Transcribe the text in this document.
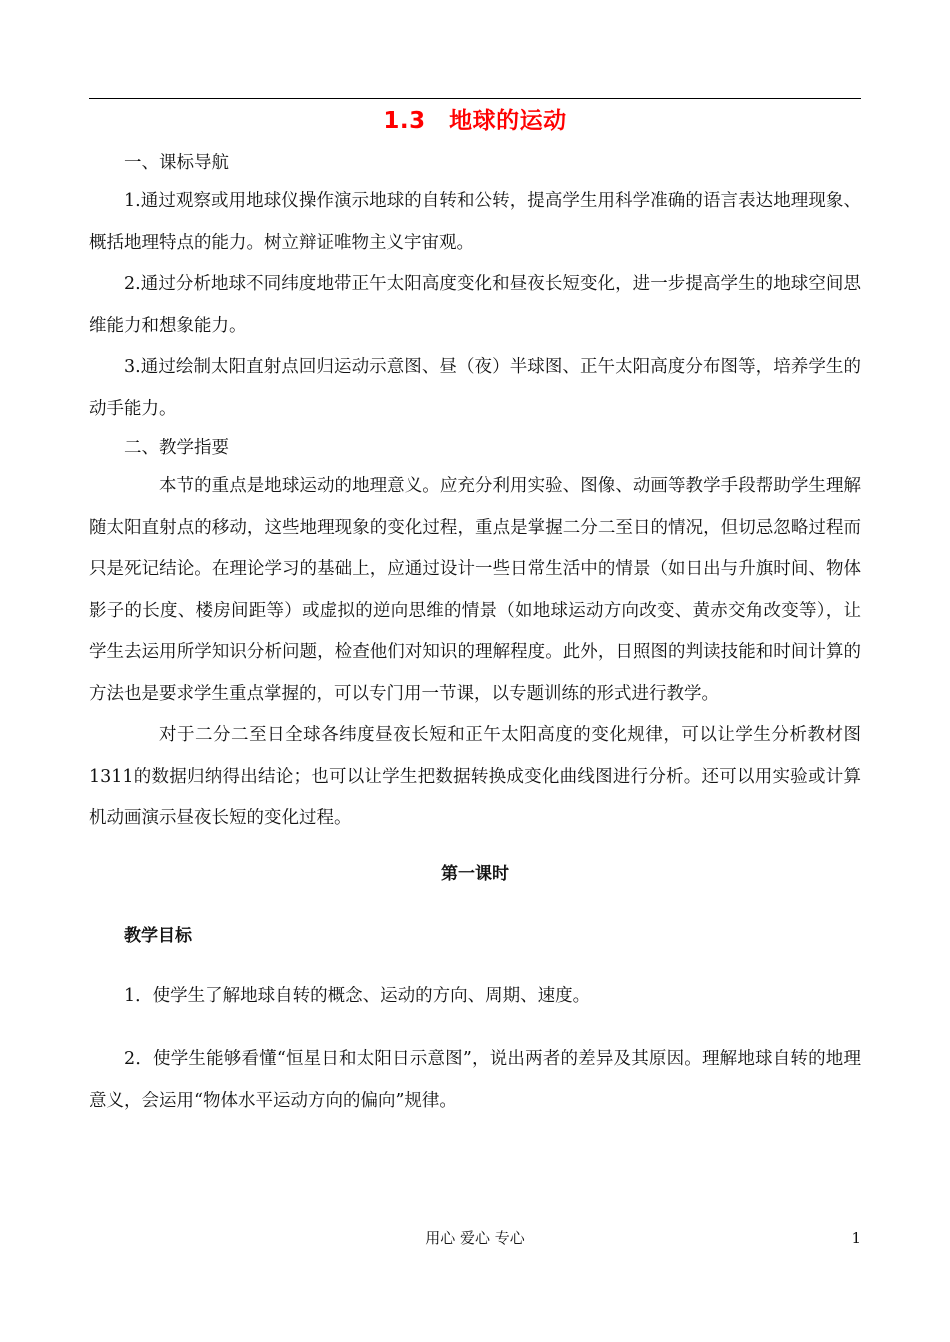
1.3　地球的运动

一、课标导航

1.通过观察或用地球仪操作演示地球的自转和公转，提高学生用科学准确的语言表达地理现象、概括地理特点的能力。树立辩证唯物主义宇宙观。

2.通过分析地球不同纬度地带正午太阳高度变化和昼夜长短变化，进一步提高学生的地球空间思维能力和想象能力。

3.通过绘制太阳直射点回归运动示意图、昼（夜）半球图、正午太阳高度分布图等，培养学生的动手能力。

二、教学指要

本节的重点是地球运动的地理意义。应充分利用实验、图像、动画等教学手段帮助学生理解随太阳直射点的移动，这些地理现象的变化过程，重点是掌握二分二至日的情况，但切忌忽略过程而只是死记结论。在理论学习的基础上，应通过设计一些日常生活中的情景（如日出与升旗时间、物体影子的长度、楼房间距等）或虚拟的逆向思维的情景（如地球运动方向改变、黄赤交角改变等），让学生去运用所学知识分析问题，检查他们对知识的理解程度。此外，日照图的判读技能和时间计算的方法也是要求学生重点掌握的，可以专门用一节课，以专题训练的形式进行教学。

对于二分二至日全球各纬度昼夜长短和正午太阳高度的变化规律，可以让学生分析教材图1311的数据归纳得出结论；也可以让学生把数据转换成变化曲线图进行分析。还可以用实验或计算机动画演示昼夜长短的变化过程。

第一课时

教学目标

1．使学生了解地球自转的概念、运动的方向、周期、速度。

2．使学生能够看懂“恒星日和太阳日示意图”，说出两者的差异及其原因。理解地球自转的地理意义，会运用“物体水平运动方向的偏向”规律。

用心 爱心 专心	1
